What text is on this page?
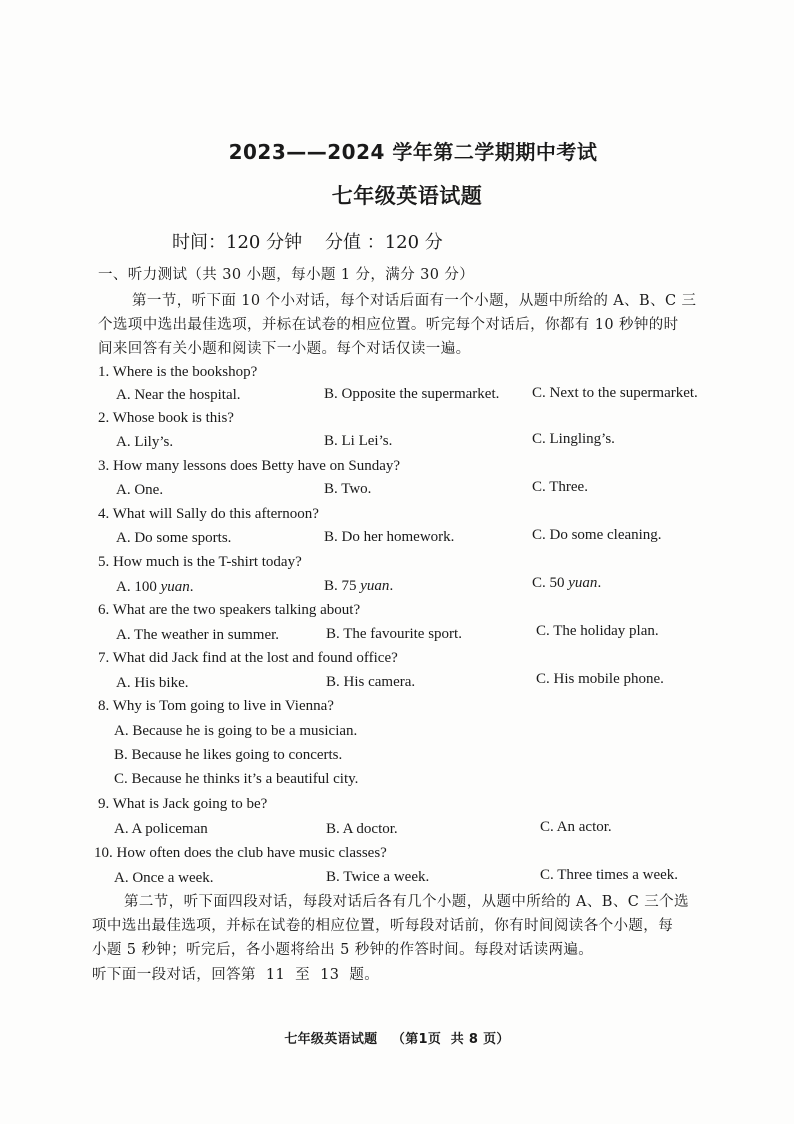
2023——2024 学年第二学期期中考试
七年级英语试题
时间：120 分钟 分值 ：120 分
一、听力测试（共 30 小题，每小题 1 分，满分 30 分）
第一节，听下面 10 个小对话，每个对话后面有一个小题，从题中所给的 A、B、C 三
个选项中选出最佳选项，并标在试卷的相应位置。听完每个对话后，你都有 10 秒钟的时
间来回答有关小题和阅读下一小题。每个对话仅读一遍。
1. Where is the bookshop?
A. Near the hospital.	B. Opposite the supermarket. C. Next to the supermarket.
2. Whose book is this?
A. Lily’s.	B. Li Lei’s.	C. Lingling’s.
3. How many lessons does Betty have on Sunday?
A. One.	B. Two.	C. Three.
4. What will Sally do this afternoon?
A. Do some sports.	B. Do her homework.	C. Do some cleaning.
5. How much is the T-shirt today?
A. 100 yuan.	B. 75 yuan.	C. 50 yuan.
6. What are the two speakers talking about?
A. The weather in summer.	B. The favourite sport.	C. The holiday plan.
7. What did Jack find at the lost and found office?
A. His bike.	B. His camera.	C. His mobile phone.
8. Why is Tom going to live in Vienna?
A. Because he is going to be a musician.
B. Because he likes going to concerts.
C. Because he thinks it’s a beautiful city.
9. What is Jack going to be?
A. A policeman	B. A doctor.	C. An actor.
10. How often does the club have music classes?
A. Once a week.	B. Twice a week.	C. Three times a week.
第二节，听下面四段对话，每段对话后各有几个小题，从题中所给的 A、B、C 三个选
项中选出最佳选项，并标在试卷的相应位置，听每段对话前，你有时间阅读各个小题，每
小题 5 秒钟；听完后，各小题将给出 5 秒钟的作答时间。每段对话读两遍。
听下面一段对话，回答第  11  至  13  题。
七年级英语试题   （第1页  共 8 页）
